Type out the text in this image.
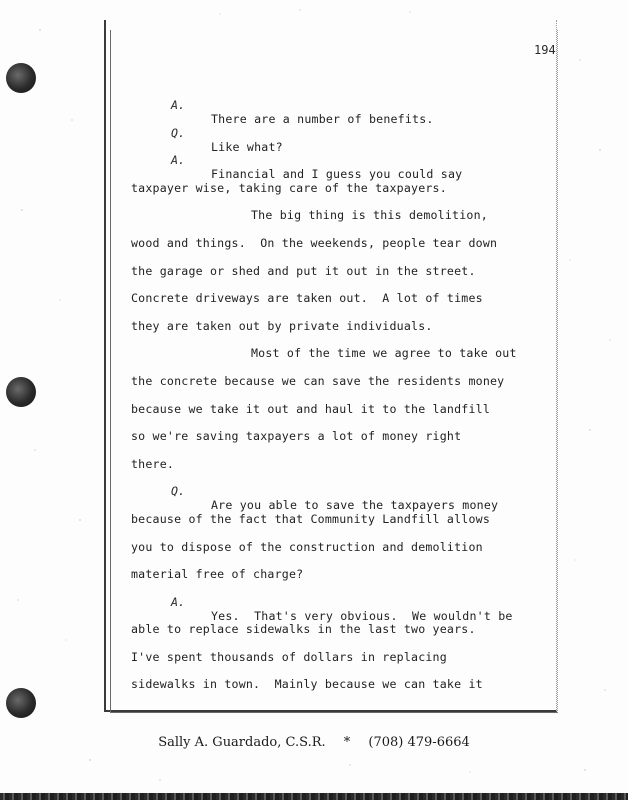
194

A.

There are a number of benefits.

Q.

Like what?

A.

Financial and I guess you could say

taxpayer wise, taking care of the taxpayers.

The big thing is this demolition,

wood and things.  On the weekends, people tear down

the garage or shed and put it out in the street.

Concrete driveways are taken out.  A lot of times

they are taken out by private individuals.

Most of the time we agree to take out

the concrete because we can save the residents money

because we take it out and haul it to the landfill

so we're saving taxpayers a lot of money right

there.

Q.

Are you able to save the taxpayers money

because of the fact that Community Landfill allows

you to dispose of the construction and demolition

material free of charge?

A.

Yes.  That's very obvious.  We wouldn't be

able to replace sidewalks in the last two years.

I've spent thousands of dollars in replacing

sidewalks in town.  Mainly because we can take it

Sally A. Guardado, C.S.R. * (708) 479-6664
